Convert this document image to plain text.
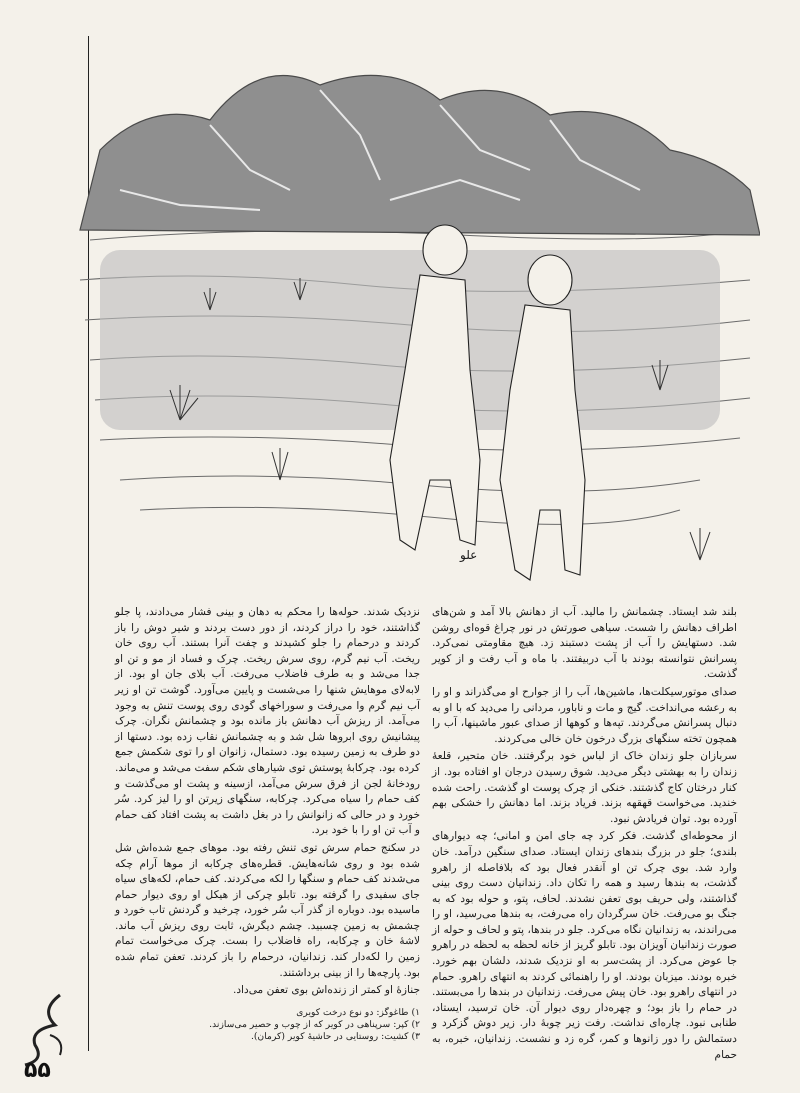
علو

بلند شد ایستاد. چشمانش را مالید. آب از دهانش بالا آمد و شن‌های اطراف دهانش را شست. سیاهی صورتش در نور چراغ قوه‌ای روشن شد. دستهایش را آب از پشت دستبند زد. هیچ مقاومتی نمی‌کرد. پسرانش نتوانسته بودند با آب دربیفتند. با ماه و آب رفت و از کویر گذشت.

صدای موتورسیکلت‌ها، ماشین‌ها، آب را از جوارح او می‌گذراند و او را به رعشه می‌انداخت. گیج و مات و ناباور، مردانی را می‌دید که با او به دنبال پسرانش می‌گردند. تپه‌ها و کوهها از صدای عبور ماشینها، آب را همچون تخته سنگهای بزرگ درخون خان خالی می‌کردند.

سربازان جلو زندان خاک از لباس خود برگرفتند. خان متحیر، قلعهٔ زندان را به بهشتی دیگر می‌دید. شوق رسیدن درجان او افتاده بود. از کنار درختان کاج گذشتند. خنکی از چرک پوست او گذشت. راحت شده خندید. می‌خواست قهقهه بزند. فریاد بزند. اما دهانش را خشکی بهم آورده بود. توان فریادش نبود.

از محوطه‌ای گذشت. فکر کرد چه جای امن و امانی؛ چه دیوارهای بلندی؛ جلو در بزرگ بندهای زندان ایستاد. صدای سنگین درآمد. خان وارد شد. بوی چرک تن او آنقدر فعال بود که بلافاصله از راهرو گذشت، به بندها رسید و همه را تکان داد. زندانیان دست روی بینی گذاشتند، ولی حریف بوی تعفن نشدند. لحاف، پتو، و حوله بود که به جنگ بو می‌رفت. خان سرگردان راه می‌رفت، به بندها می‌رسید، او را می‌راندند، به زندانیان نگاه می‌کرد. جلو در بندها، پتو و لحاف و حوله از صورت زندانیان آویزان بود. تابلو گریز از خانه لحظه به لحظه در راهرو جا عوض می‌کرد. از پشت‌سر به او نزدیک شدند، دلشان بهم خورد. خبره بودند. میزبان بودند. او را راهنمائی کردند به انتهای راهرو. حمام در انتهای راهرو بود. خان پیش می‌رفت. زندانیان در بندها را می‌بستند. در حمام را باز بود؛ و چهره‌دار روی دیوار آن. خان ترسید، ایستاد، طنابی نبود. چاره‌ای نداشت. رفت زیر چوبهٔ دار. زیر دوش گزکرد و دستمالش را دور زانوها و کمر، گره زد و نشست. زندانیان، خبره، به حمام

نزدیک شدند. حوله‌ها را محکم به دهان و بینی فشار می‌دادند، پا جلو گذاشتند، خود را دراز کردند، از دور دست بردند و شیر دوش را باز کردند و درحمام را جلو کشیدند و چفت آنرا بستند. آب روی خان ریخت. آب نیم گرم، روی سرش ریخت. چرک و فساد از مو و تن او جدا می‌شد و به طرف فاضلاب می‌رفت. آب بلای جان او بود. از لابه‌لای موهایش شنها را می‌شست و پایین می‌آورد. گوشت تن او زیر آب نیم گرم وا می‌رفت و سوراخهای گودی روی پوست تنش به وجود می‌آمد. از ریزش آب دهانش باز مانده بود و چشمانش نگران. چرک پیشانیش روی ابروها شل شد و به چشمانش نقاب زده بود. دستها از دو طرف به زمین رسیده بود. دستمال، زانوان او را توی شکمش جمع کرده بود. چرکابهٔ پوستش توی شیارهای شکم سفت می‌شد و می‌ماند. رود‌خانهٔ لجن از فرق سرش می‌آمد، ازسینه و پشت او می‌گذشت و کف حمام را سیاه می‌کرد. چرکابه، سنگهای زیرتن او را لیز کرد. سُر خورد و در حالی که زانوانش را در بغل داشت به پشت افتاد کف حمام و آب تن او را با خود برد.

در سکنج حمام سرش توی تنش رفته بود. موهای جمع شده‌اش شل شده بود و روی شانه‌هایش. قطره‌های چرکابه از موها آرام چکه می‌شدند کف حمام و سنگها را لکه می‌کردند. کف حمام، لکه‌های سیاه جای سفیدی را گرفته بود. تابلو چرکی از هیکل او روی دیوار حمام ماسیده بود. دوباره از گذر آب سُر خورد، چرخید و گردنش تاب خورد و چشمش به زمین چسبید. چشم دیگرش، ثابت روی ریزش آب ماند. لاشهٔ خان و چرکابه، راه فاضلاب را بست. چرک می‌خواست تمام زمین را لکه‌دار کند. زندانیان، درحمام را باز کردند. تعفن تمام شده بود. پارچه‌ها را از بینی برداشتند.

جنازهٔ او کمتر از زنده‌اش بوی تعفن می‌داد.

۱) طاغوگز: دو نوع درخت کویری
۲) کپر: سرپناهی در کویر که از چوب و حصیر می‌سازند.
۳) کشیت: روستایی در حاشیهٔ کویر (کرمان).
۵۵
